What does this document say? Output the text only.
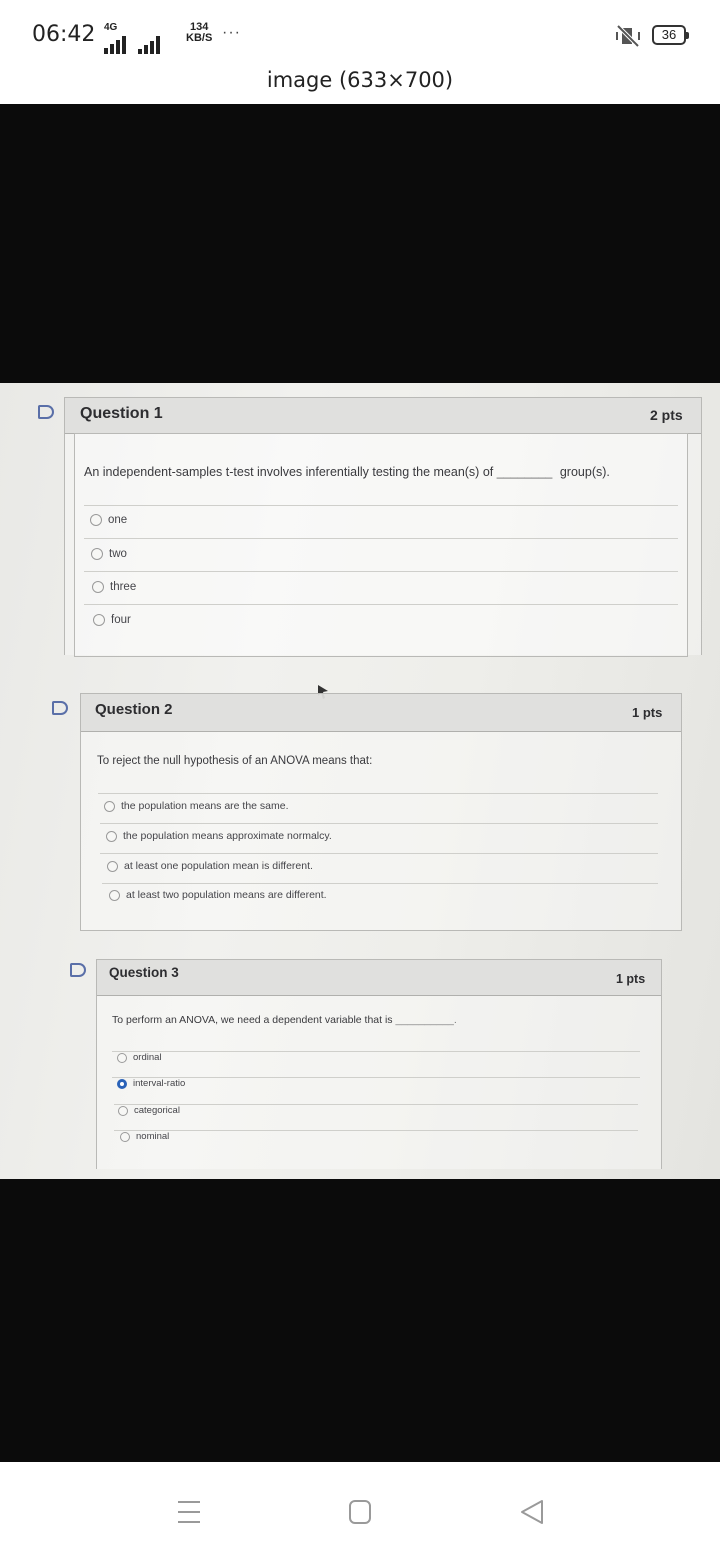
06:42 4G	134
KB/S ···	36
image (633×700)
Question 1	2 pts
An independent-samples t-test involves inferentially testing the mean(s) of ________ group(s).
one
two
three
four
Question 2	1 pts
To reject the null hypothesis of an ANOVA means that:
the population means are the same.
the population means approximate normalcy.
at least one population mean is different.
at least two population means are different.
Question 3	1 pts
To perform an ANOVA, we need a dependent variable that is __________.
ordinal
interval-ratio
categorical
nominal
